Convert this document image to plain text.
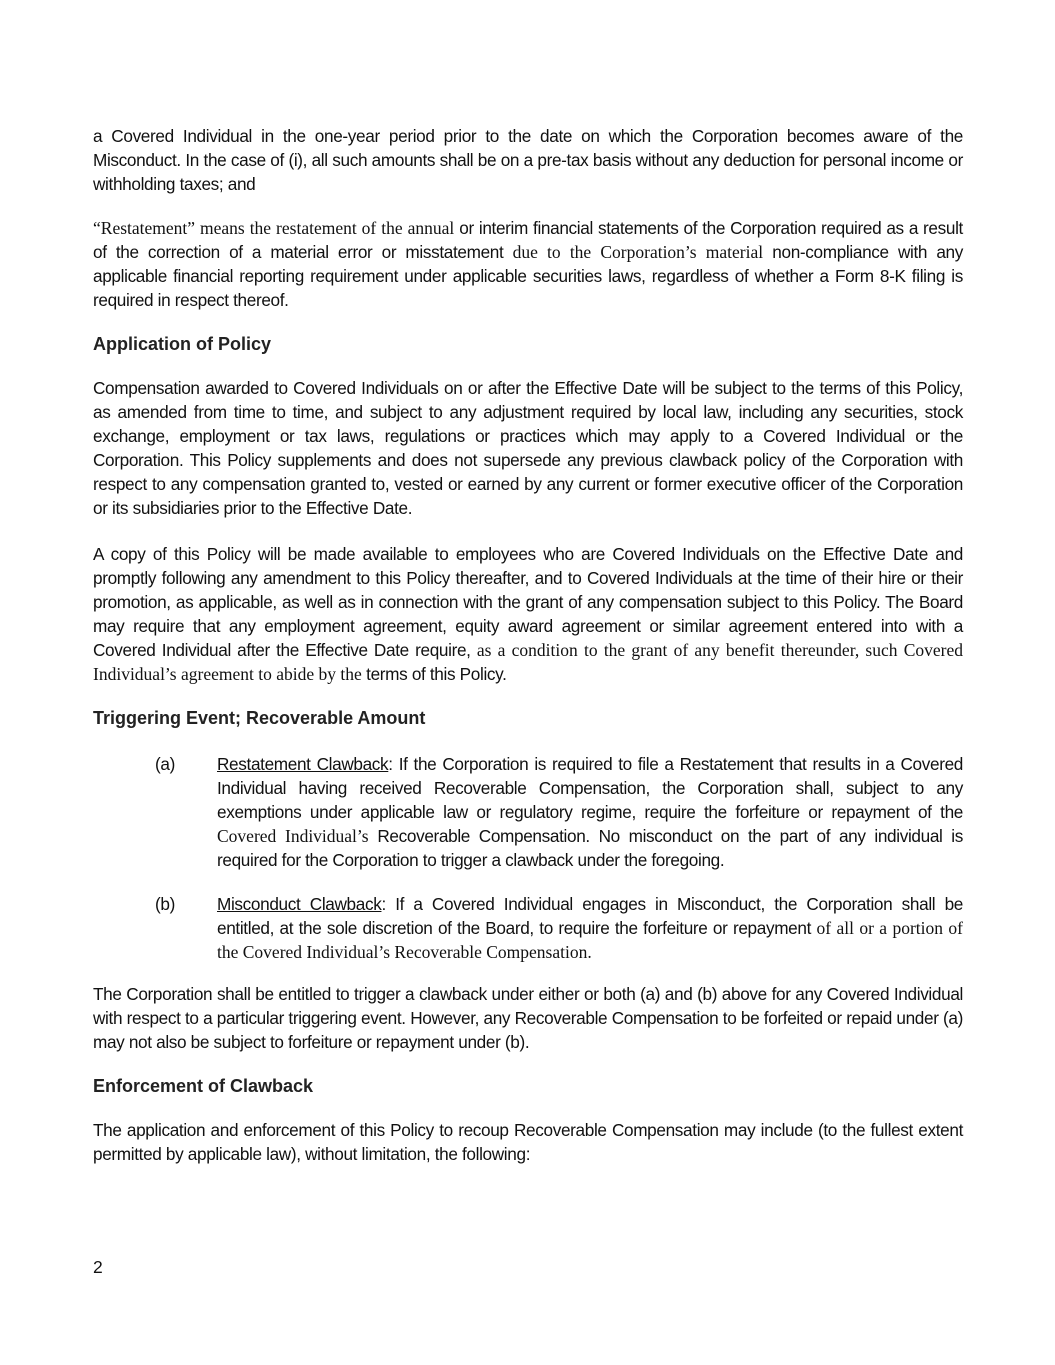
a Covered Individual in the one-year period prior to the date on which the Corporation becomes aware of the Misconduct. In the case of (i), all such amounts shall be on a pre-tax basis without any deduction for personal income or withholding taxes; and

“Restatement” means the restatement of the annual or interim financial statements of the Corporation required as a result of the correction of a material error or misstatement due to the Corporation’s material non-compliance with any applicable financial reporting requirement under applicable securities laws, regardless of whether a Form 8-K filing is required in respect thereof.

Application of Policy

Compensation awarded to Covered Individuals on or after the Effective Date will be subject to the terms of this Policy, as amended from time to time, and subject to any adjustment required by local law, including any securities, stock exchange, employment or tax laws, regulations or practices which may apply to a Covered Individual or the Corporation. This Policy supplements and does not supersede any previous clawback policy of the Corporation with respect to any compensation granted to, vested or earned by any current or former executive officer of the Corporation or its subsidiaries prior to the Effective Date.

A copy of this Policy will be made available to employees who are Covered Individuals on the Effective Date and promptly following any amendment to this Policy thereafter, and to Covered Individuals at the time of their hire or their promotion, as applicable, as well as in connection with the grant of any compensation subject to this Policy. The Board may require that any employment agreement, equity award agreement or similar agreement entered into with a Covered Individual after the Effective Date require, as a condition to the grant of any benefit thereunder, such Covered Individual’s agreement to abide by the terms of this Policy.

Triggering Event; Recoverable Amount
(a)	Restatement Clawback: If the Corporation is required to file a Restatement that results in a Covered Individual having received Recoverable Compensation, the Corporation shall, subject to any exemptions under applicable law or regulatory regime, require the forfeiture or repayment of the Covered Individual’s Recoverable Compensation. No misconduct on the part of any individual is required for the Corporation to trigger a clawback under the foregoing.

(b)	Misconduct Clawback: If a Covered Individual engages in Misconduct, the Corporation shall be entitled, at the sole discretion of the Board, to require the forfeiture or repayment of all or a portion of the Covered Individual’s Recoverable Compensation.

The Corporation shall be entitled to trigger a clawback under either or both (a) and (b) above for any Covered Individual with respect to a particular triggering event. However, any Recoverable Compensation to be forfeited or repaid under (a) may not also be subject to forfeiture or repayment under (b).

Enforcement of Clawback

The application and enforcement of this Policy to recoup Recoverable Compensation may include (to the fullest extent permitted by applicable law), without limitation, the following:

2
